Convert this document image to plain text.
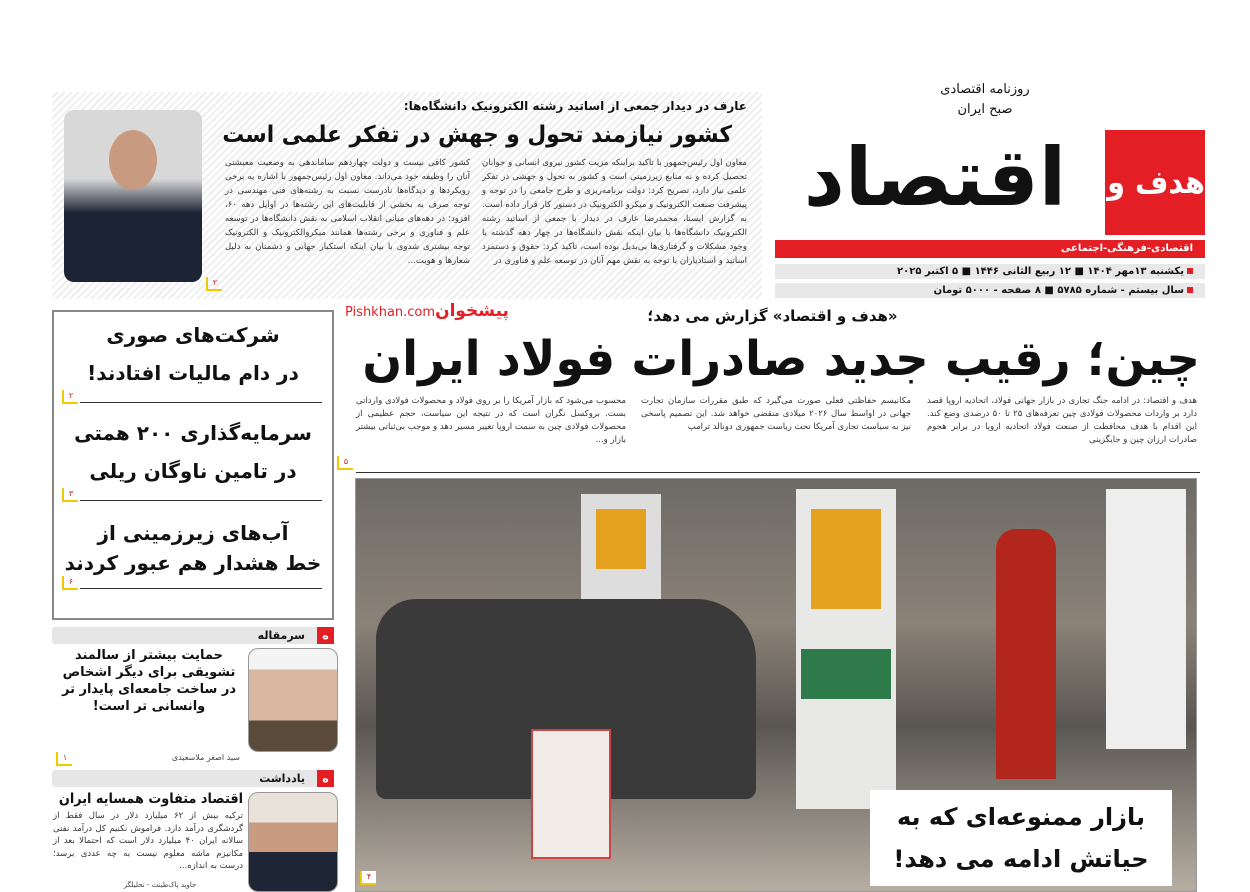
روزنامه اقتصادی
صبح ایران
اقتصاد	هدف و
اقتصادی-فرهنگی-اجتماعی
یکشنبه ۱۳مهر ۱۴۰۴ ■ ۱۲ ربیع الثانی ۱۴۴۶ ■ ۵ اکتبر ۲۰۲۵
سال بیستم - شماره ۵۷۸۵ ■ ۸ صفحه - ۵۰۰۰ تومان
عارف در دیدار جمعی از اساتید رشته الکترونیک دانشگاه‌ها:
کشور نیازمند تحول و جهش در تفکر علمی است
معاون اول رئیس‌جمهور با تاکید براینکه مزیت کشور نیروی انسانی و جوانان تحصیل کرده و نه منابع زیرزمینی است و کشور به تحول و جهشی در تفکر علمی نیاز دارد، تصریح کرد: دولت برنامه‌ریزی و طرح جامعی را در توجه و پیشرفت صنعت الکترونیک و میکرو الکترونیک در دستور کار قرار داده است. به گزارش ایسنا، محمدرضا عارف در دیدار با جمعی از اساتید رشته الکترونیک دانشگاه‌ها با بیان اینکه نقش دانشگاه‌ها در چهار دهه گذشته با وجود مشکلات و گرفتاری‌ها بی‌بدیل بوده است، تاکید کرد: حقوق و دستمزد اساتید و استادیاران با توجه به نقش مهم آنان در توسعه علم و فناوری در
کشور کافی نیست و دولت چهاردهم ساماندهی به وضعیت معیشتی آنان را وظیفه خود می‌داند. معاون اول رئیس‌جمهور با اشاره به برخی رویکردها و دیدگاه‌ها نادرست نسبت به رشته‌های فنی مهندسی در توجه صرف به بخشی از قابلیت‌های این رشته‌ها در اوایل دهه ۶۰، افزود: در دهه‌های میانی انقلاب اسلامی به نقش دانشگاه‌ها در توسعه علم و فناوری و برخی رشته‌ها همانند میکروالکترونیک و الکترونیک توجه بیشتری شدوی با بیان اینکه استکبار جهانی و دشمنان به دلیل شعارها و هویت...
۲
Pishkhan.comپیشخوان
شرکت‌های صوری
در دام مالیات افتادند!
۲
سرمایه‌گذاری ۲۰۰ همتی
در تامین ناوگان ریلی
۳
آب‌های زیرزمینی از
خط هشدار هم عبور کردند
۶
هسرمقاله
حمایت بیشتر از سالمند تشویقی برای دیگر اشخاص در ساخت جامعه‌ای پایدار تر وانسانی تر است!
سید اصغر ملاسعیدی
۱
هیادداشت
اقتصاد متفاوت همسایه ایران
ترکیه بیش از ۶۲ میلیارد دلار در سال فقط از گردشگری درآمد دارد. فراموش نکنیم کل درآمد نفتی سالانه ایران ۴۰ میلیارد دلار است که احتمالا بعد از مکانیزم ماشه معلوم نیست به چه عددی برسد؛ درست به اندازه...
جاوید پاک‌طینت - تحلیلگر
«هدف و اقتصاد» گزارش می دهد؛
چین؛ رقیب جدید صادرات فولاد ایران
هدف و اقتصاد: در ادامه جنگ تجاری در بازار جهانی فولاد، اتحادیه اروپا قصد دارد بر واردات محصولات فولادی چین تعرفه‌های ۲۵ تا ۵۰ درصدی وضع کند. این اقدام با هدف محافظت از صنعت فولاد اتحادیه اروپا در برابر هجوم صادرات ارزان چین و جایگزینی
مکانیسم حفاظتی فعلی صورت می‌گیرد که طبق مقررات سازمان تجارت جهانی در اواسط سال ۲۰۲۶ میلادی منقضی خواهد شد. این تصمیم پاسخی نیز به سیاست تجاری آمریکا تحت ریاست جمهوری دونالد ترامپ
محسوب می‌شود که بازار آمریکا را بر روی فولاد و محصولات فولادی وارداتی بست. بروکسل نگران است که در نتیجه این سیاست، حجم عظیمی از محصولات فولادی چین به سمت اروپا تغییر مسیر دهد و موجب بی‌ثباتی بیشتر بازار و...
۵
۴
بازار ممنوعه‌ای که به
حیاتش ادامه می دهد!
